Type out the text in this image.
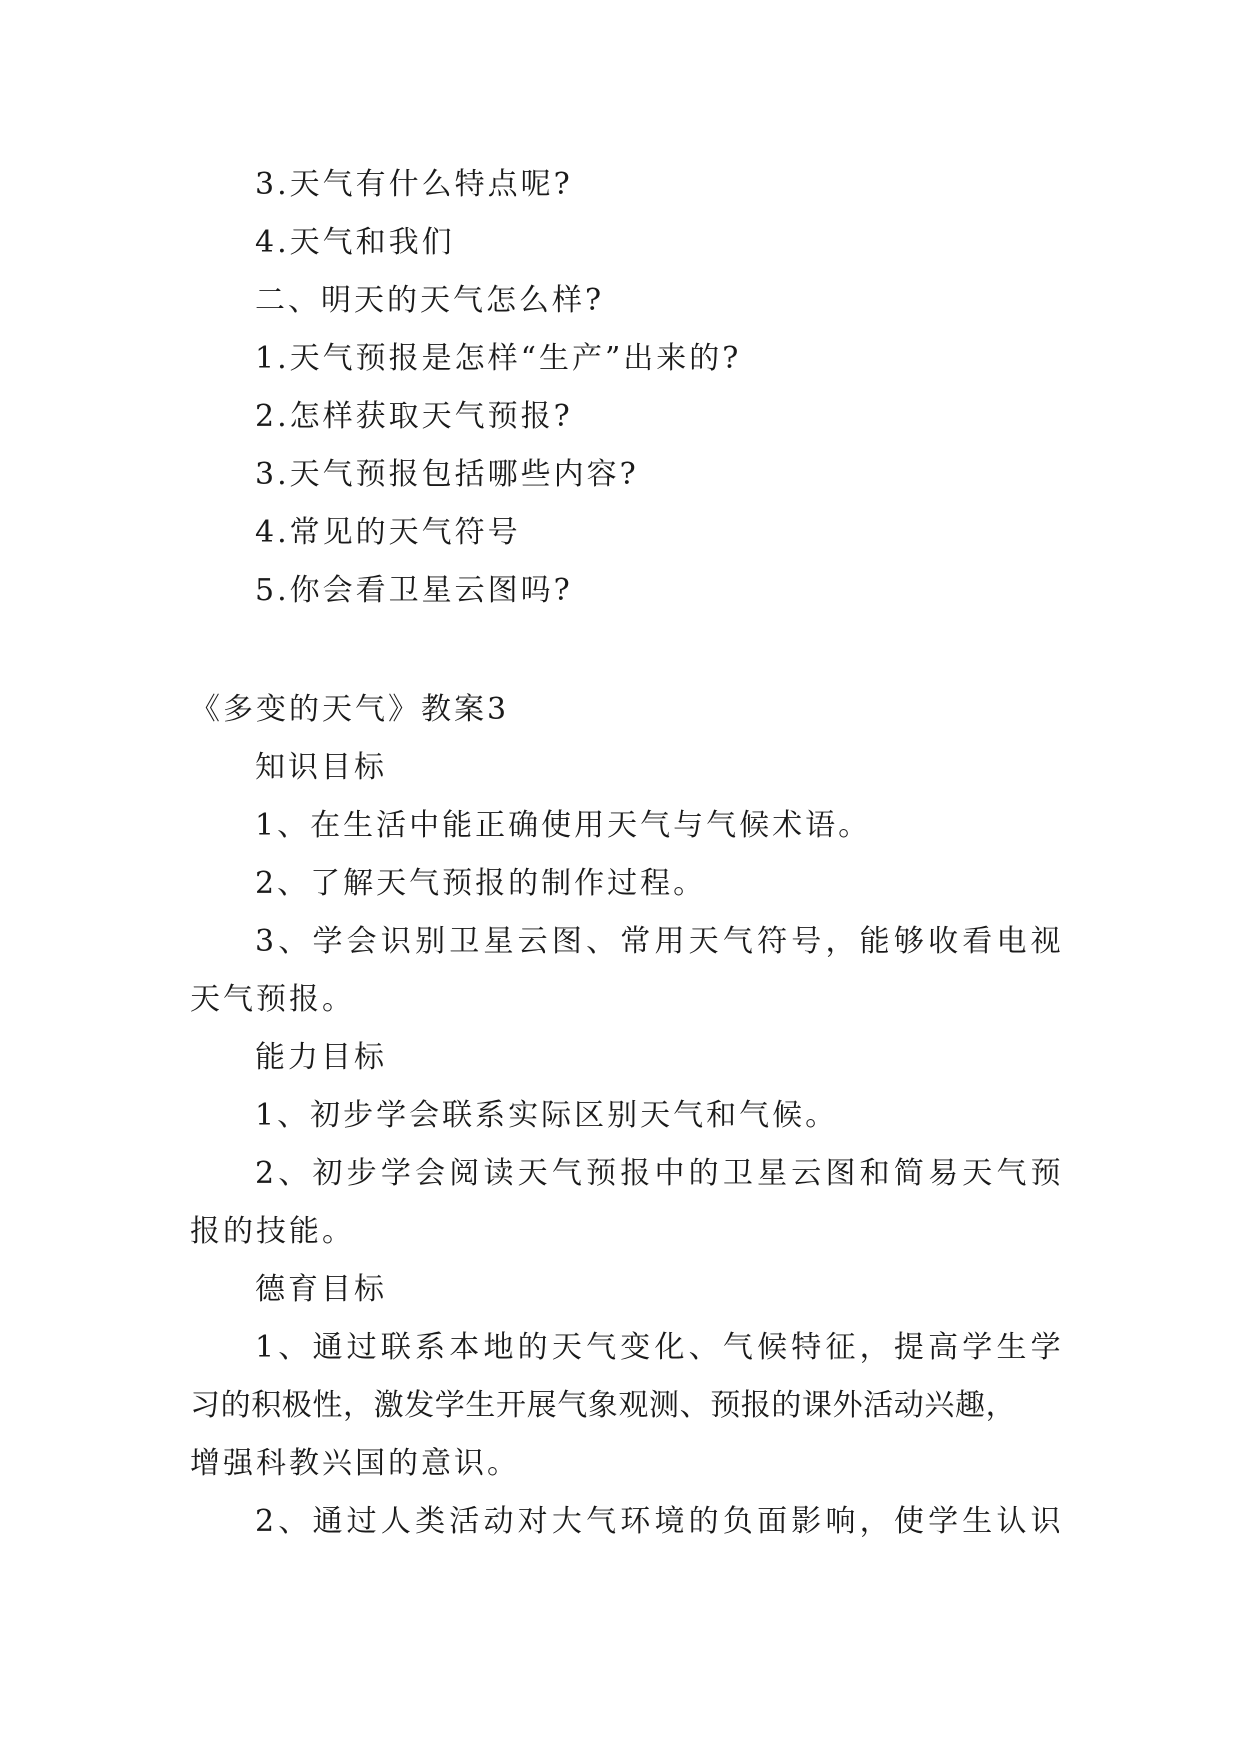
3.天气有什么特点呢?
4.天气和我们
二、明天的天气怎么样?
1.天气预报是怎样“生产”出来的?
2.怎样获取天气预报?
3.天气预报包括哪些内容?
4.常见的天气符号
5.你会看卫星云图吗?
《多变的天气》教案3
知识目标
1、在生活中能正确使用天气与气候术语。
2、了解天气预报的制作过程。
3、学会识别卫星云图、常用天气符号，能够收看电视
天气预报。
能力目标
1、初步学会联系实际区别天气和气候。
2、初步学会阅读天气预报中的卫星云图和简易天气预
报的技能。
德育目标
1、通过联系本地的天气变化、气候特征，提高学生学
习的积极性，激发学生开展气象观测、预报的课外活动兴趣，
增强科教兴国的意识。
2、通过人类活动对大气环境的负面影响，使学生认识
